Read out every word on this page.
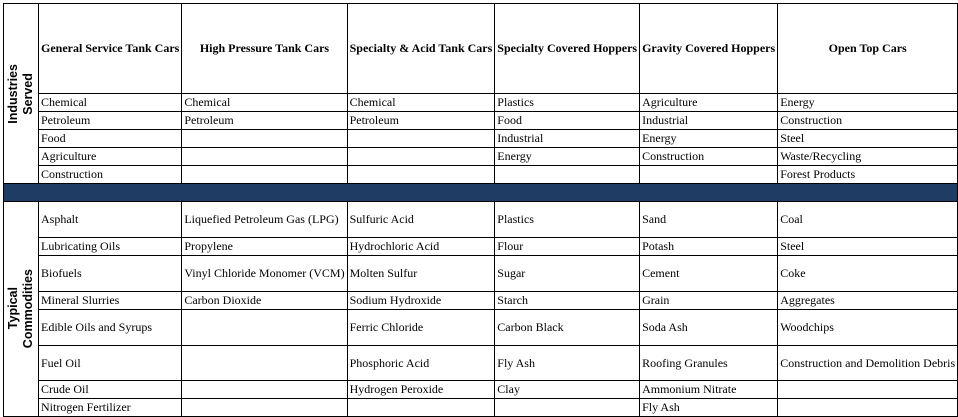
Industries Served	General Service Tank Cars	High Pressure Tank Cars	Specialty & Acid Tank Cars	Specialty Covered Hoppers	Gravity Covered Hoppers	Open Top Cars
	Chemical	Chemical	Chemical	Plastics	Agriculture	Energy
	Petroleum	Petroleum	Petroleum	Food	Industrial	Construction
	Food			Industrial	Energy	Steel
	Agriculture			Energy	Construction	Waste/Recycling
	Construction					Forest Products

Typical Commodities	Asphalt	Liquefied Petroleum Gas (LPG)	Sulfuric Acid	Plastics	Sand	Coal
	Lubricating Oils	Propylene	Hydrochloric Acid	Flour	Potash	Steel
	Biofuels	Vinyl Chloride Monomer (VCM)	Molten Sulfur	Sugar	Cement	Coke
	Mineral Slurries	Carbon Dioxide	Sodium Hydroxide	Starch	Grain	Aggregates
	Edible Oils and Syrups		Ferric Chloride	Carbon Black	Soda Ash	Woodchips
	Fuel Oil		Phosphoric Acid	Fly Ash	Roofing Granules	Construction and Demolition Debris
	Crude Oil		Hydrogen Peroxide	Clay	Ammonium Nitrate	
	Nitrogen Fertilizer				Fly Ash	
